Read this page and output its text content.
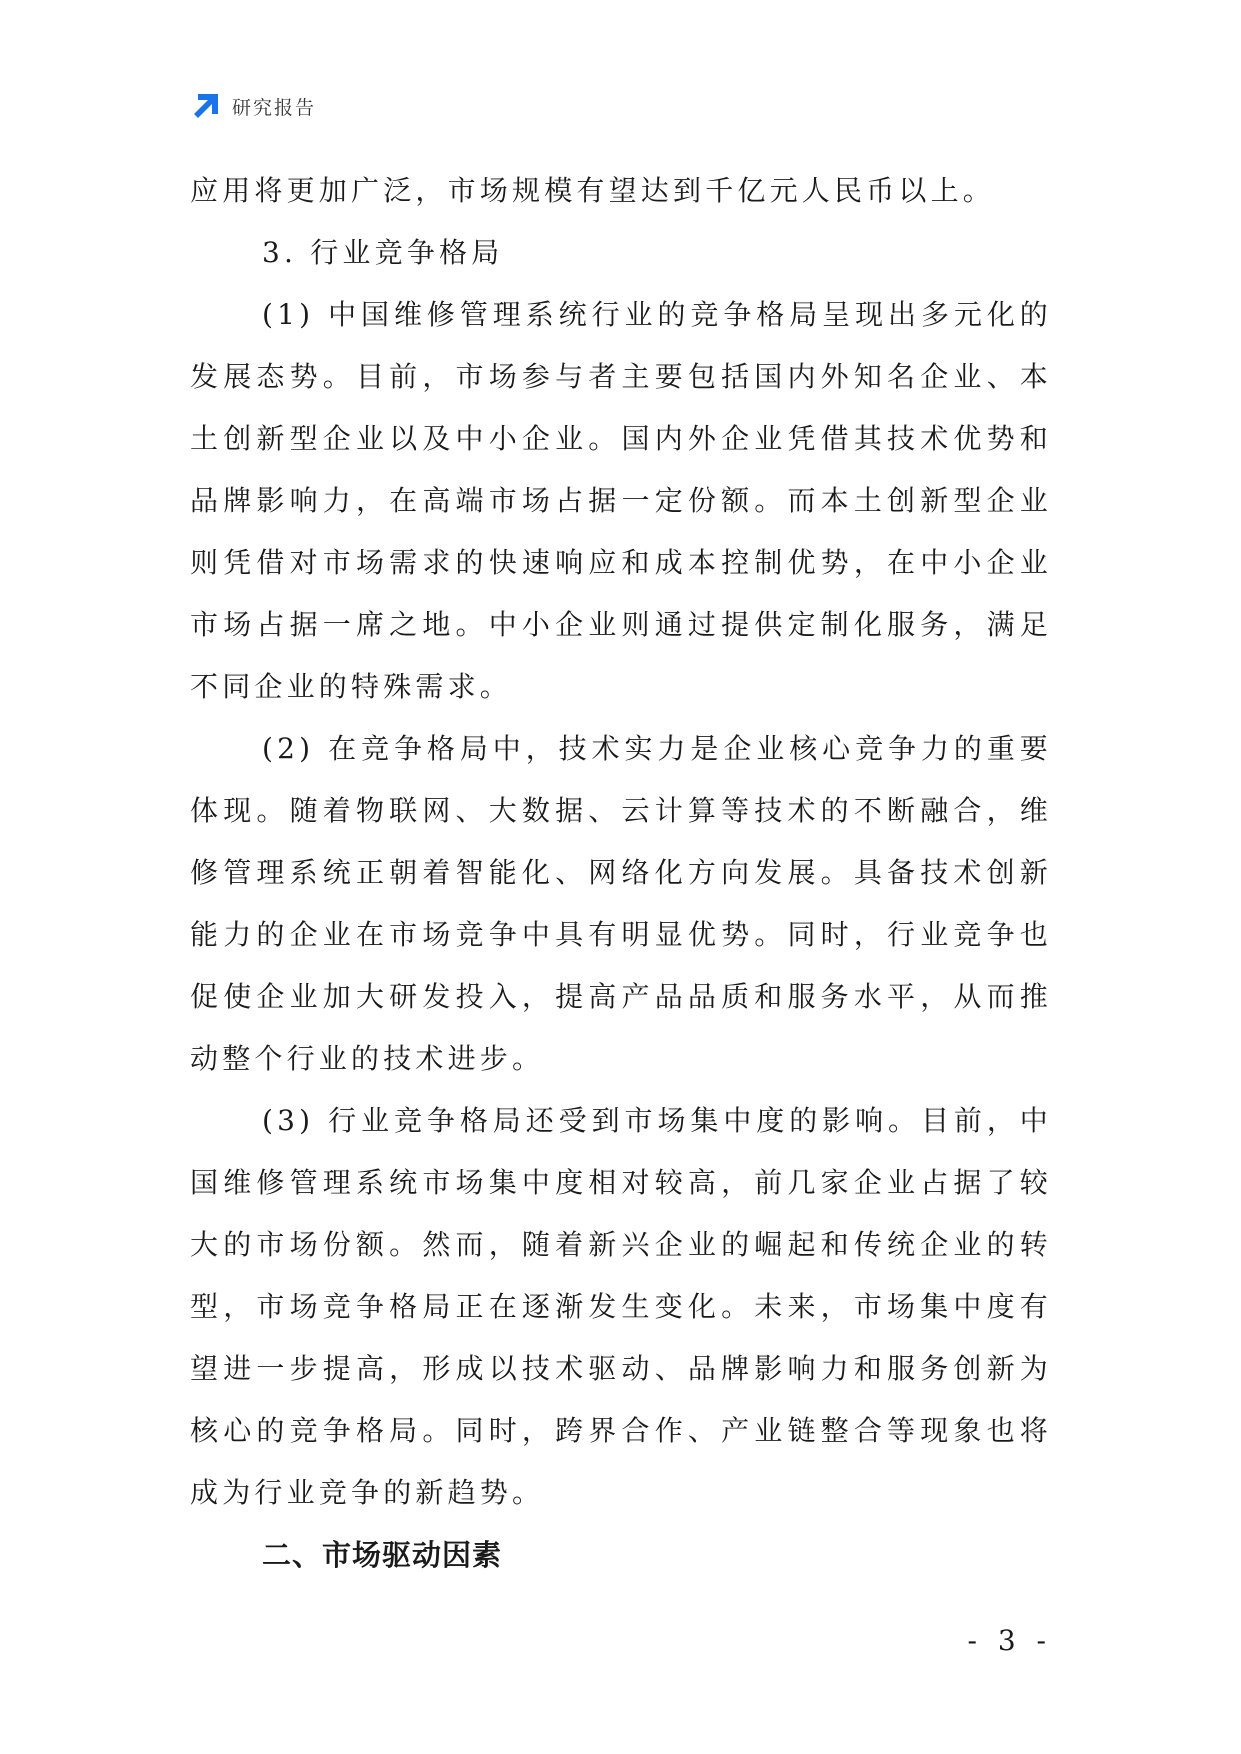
研究报告

应用将更加广泛，市场规模有望达到千亿元人民币以上。

3. 行业竞争格局

(1) 中国维修管理系统行业的竞争格局呈现出多元化的发展态势。目前，市场参与者主要包括国内外知名企业、本土创新型企业以及中小企业。国内外企业凭借其技术优势和品牌影响力，在高端市场占据一定份额。而本土创新型企业则凭借对市场需求的快速响应和成本控制优势，在中小企业市场占据一席之地。中小企业则通过提供定制化服务，满足不同企业的特殊需求。

(2) 在竞争格局中，技术实力是企业核心竞争力的重要体现。随着物联网、大数据、云计算等技术的不断融合，维修管理系统正朝着智能化、网络化方向发展。具备技术创新能力的企业在市场竞争中具有明显优势。同时，行业竞争也促使企业加大研发投入，提高产品品质和服务水平，从而推动整个行业的技术进步。

(3) 行业竞争格局还受到市场集中度的影响。目前，中国维修管理系统市场集中度相对较高，前几家企业占据了较大的市场份额。然而，随着新兴企业的崛起和传统企业的转型，市场竞争格局正在逐渐发生变化。未来，市场集中度有望进一步提高，形成以技术驱动、品牌影响力和服务创新为核心的竞争格局。同时，跨界合作、产业链整合等现象也将成为行业竞争的新趋势。

二、市场驱动因素

- 3 -
